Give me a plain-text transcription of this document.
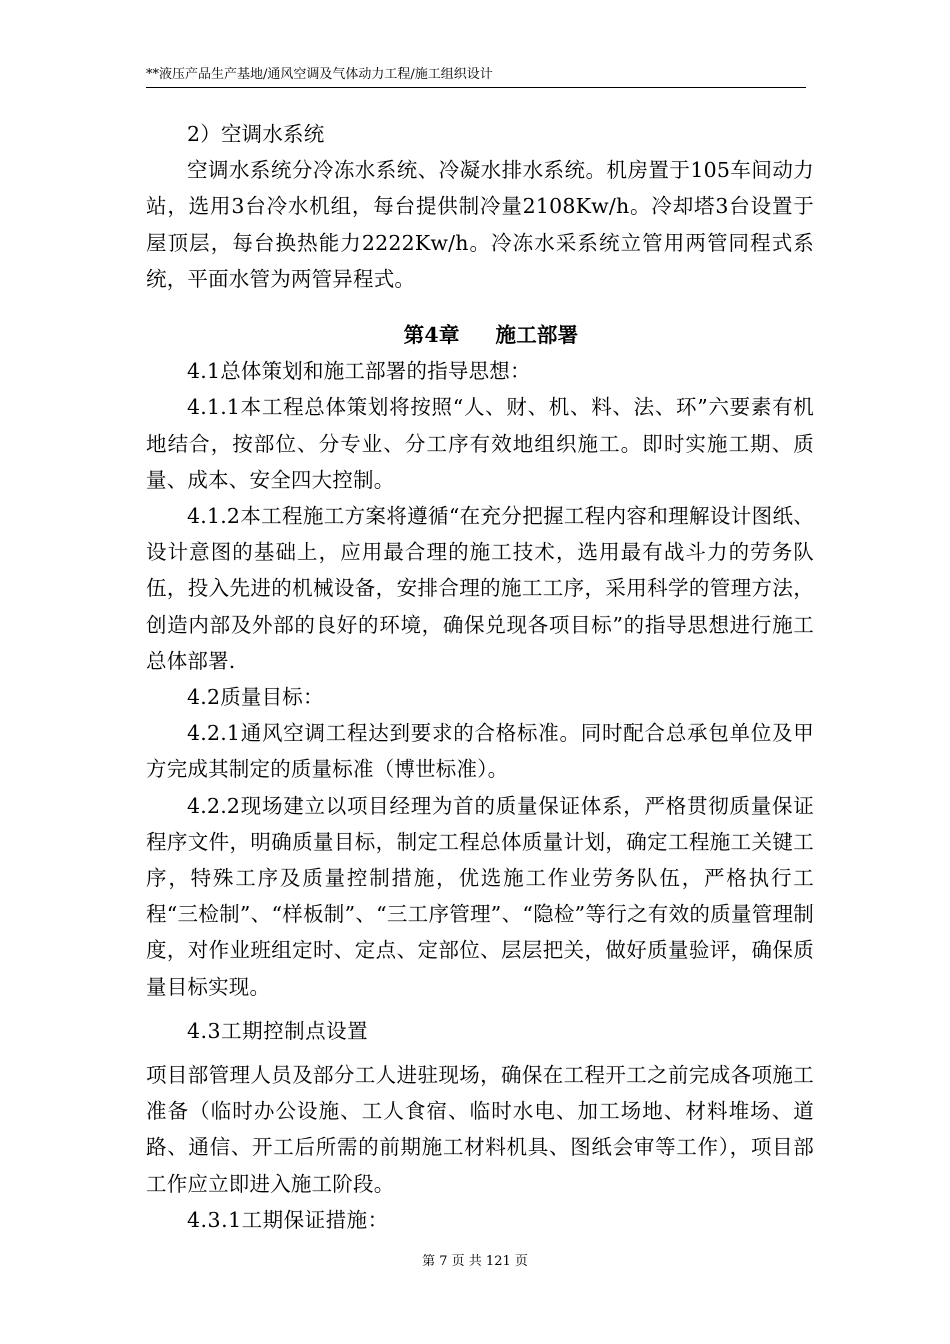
**液压产品生产基地/通风空调及气体动力工程/施工组织设计

2）空调水系统

空调水系统分冷冻水系统、冷凝水排水系统。机房置于105车间动力站，选用3台冷水机组，每台提供制冷量2108Kw/h。冷却塔3台设置于屋顶层，每台换热能力2222Kw/h。冷冻水采系统立管用两管同程式系统，平面水管为两管异程式。

第4章 施工部署

4.1总体策划和施工部署的指导思想：

4.1.1本工程总体策划将按照“人、财、机、料、法、环”六要素有机地结合，按部位、分专业、分工序有效地组织施工。即时实施工期、质量、成本、安全四大控制。

4.1.2本工程施工方案将遵循“在充分把握工程内容和理解设计图纸、设计意图的基础上，应用最合理的施工技术，选用最有战斗力的劳务队伍，投入先进的机械设备，安排合理的施工工序，采用科学的管理方法，创造内部及外部的良好的环境，确保兑现各项目标”的指导思想进行施工总体部署.

4.2质量目标：

4.2.1通风空调工程达到要求的合格标准。同时配合总承包单位及甲方完成其制定的质量标准（博世标准）。

4.2.2现场建立以项目经理为首的质量保证体系，严格贯彻质量保证程序文件，明确质量目标，制定工程总体质量计划，确定工程施工关键工序，特殊工序及质量控制措施，优选施工作业劳务队伍，严格执行工程“三检制”、“样板制”、“三工序管理”、“隐检”等行之有效的质量管理制度，对作业班组定时、定点、定部位、层层把关，做好质量验评，确保质量目标实现。

4.3工期控制点设置

项目部管理人员及部分工人进驻现场，确保在工程开工之前完成各项施工准备（临时办公设施、工人食宿、临时水电、加工场地、材料堆场、道路、通信、开工后所需的前期施工材料机具、图纸会审等工作），项目部工作应立即进入施工阶段。

4.3.1工期保证措施：

第 7 页 共 121 页
